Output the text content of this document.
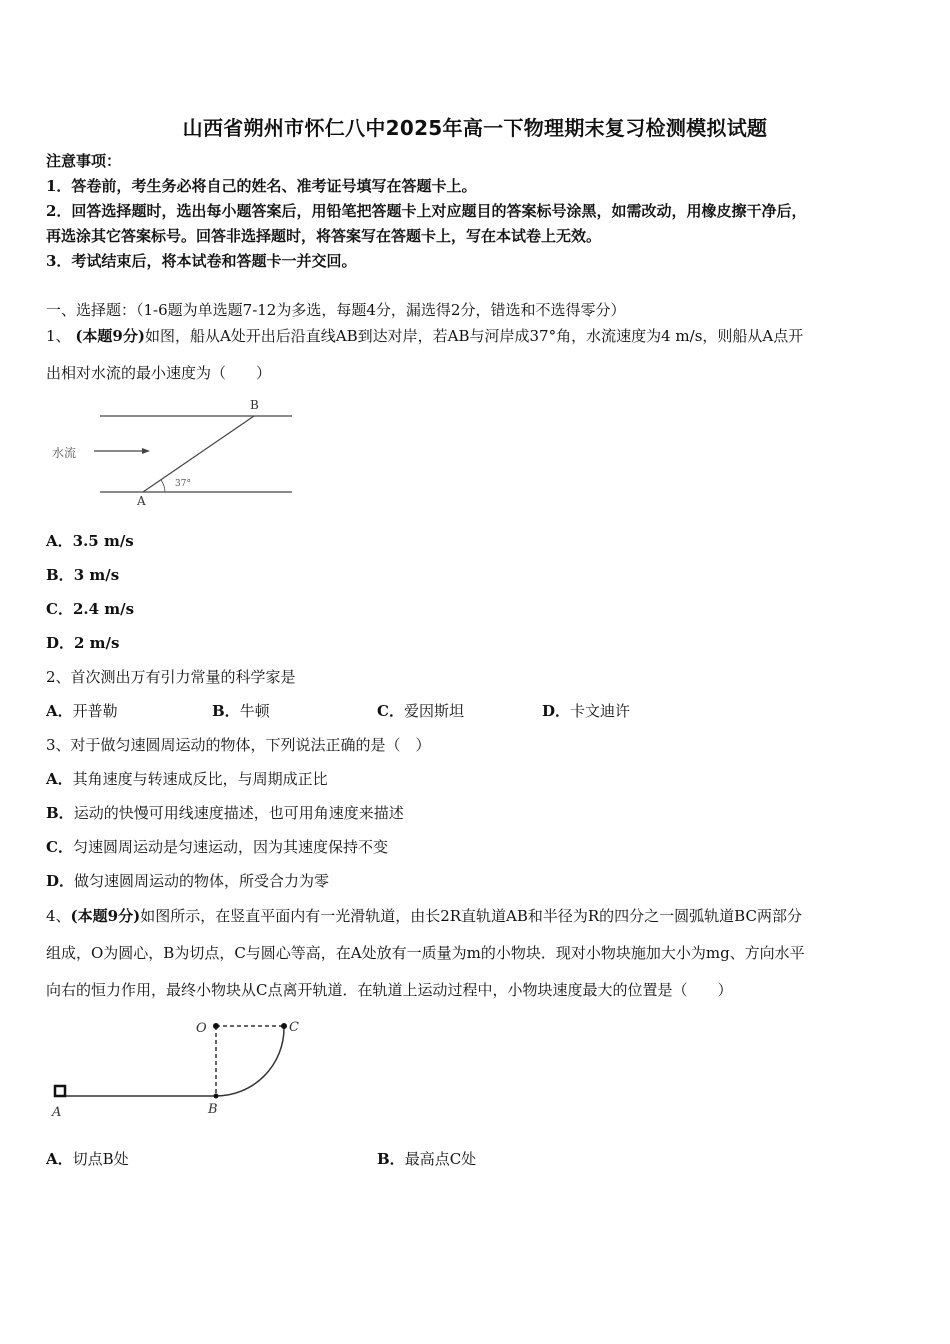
山西省朔州市怀仁八中2025年高一下物理期末复习检测模拟试题
注意事项：
1．答卷前，考生务必将自己的姓名、准考证号填写在答题卡上。
2．回答选择题时，选出每小题答案后，用铅笔把答题卡上对应题目的答案标号涂黑，如需改动，用橡皮擦干净后，
再选涂其它答案标号。回答非选择题时，将答案写在答题卡上，写在本试卷上无效。
3．考试结束后，将本试卷和答题卡一并交回。
一、选择题：（1-6题为单选题7-12为多选，每题4分，漏选得2分，错选和不选得零分）
1、 (本题9分)如图，船从A处开出后沿直线AB到达对岸，若AB与河岸成37°角，水流速度为4 m/s，则船从A点开
出相对水流的最小速度为（　　）
B
A
水流
37°
A．3.5 m/s
B．3 m/s
C．2.4 m/s
D．2 m/s
2、首次测出万有引力常量的科学家是
A．开普勒	B．牛顿	C．爱因斯坦	D．卡文迪许
3、对于做匀速圆周运动的物体，下列说法正确的是（　）
A．其角速度与转速成反比，与周期成正比
B．运动的快慢可用线速度描述，也可用角速度来描述
C．匀速圆周运动是匀速运动，因为其速度保持不变
D．做匀速圆周运动的物体，所受合力为零
4、(本题9分)如图所示，在竖直平面内有一光滑轨道，由长2R直轨道AB和半径为R的四分之一圆弧轨道BC两部分
组成，O为圆心，B为切点，C与圆心等高，在A处放有一质量为m的小物块．现对小物块施加大小为mg、方向水平
向右的恒力作用，最终小物块从C点离开轨道．在轨道上运动过程中，小物块速度最大的位置是（　　）
O	C
A	B
A．切点B处	B．最高点C处
